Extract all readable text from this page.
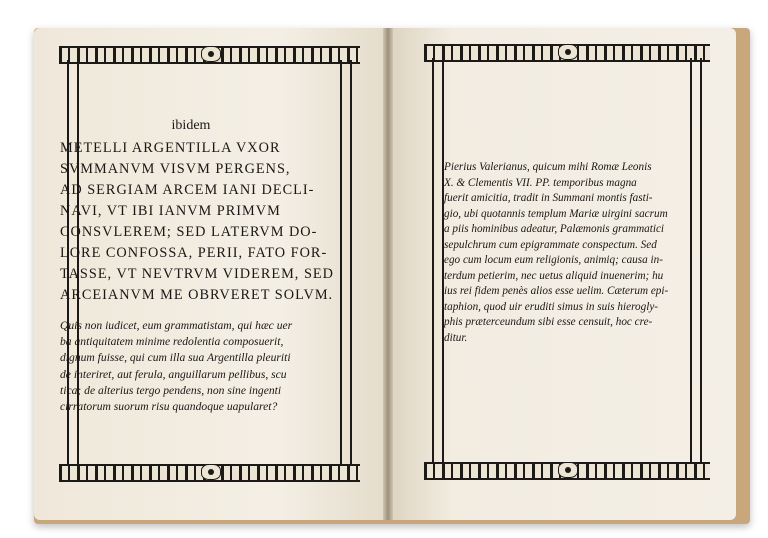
ibidem
METELLI ARGENTILLA VXOR
SVMMANVM VISVM PERGENS,
AD SERGIAM ARCEM IANI DECLI-
NAVI, VT IBI IANVM PRIMVM
CONSVLEREM; SED LATERVM DO-
LORE CONFOSSA, PERII, FATO FOR-
TASSE, VT NEVTRVM VIDEREM, SED
ARCEIANVM ME OBRVERET SOLVM.
Quis non iudicet, eum grammatistam, qui hæc uer
ba antiquitatem minime redolentia composuerit,
dignum fuisse, qui cum illa sua Argentilla pleuriti
de interiret, aut ferula, anguillarum pellibus, scu
tica; de alterius tergo pendens, non sine ingenti
cirratorum suorum risu quandoque uapularet?
Pierius Valerianus, quicum mihi Romæ Leonis
X. & Clementis VII. PP. temporibus magna
fuerit amicitia, tradit in Summani montis fasti-
gio, ubi quotannis templum Mariæ uirgini sacrum
a piis hominibus adeatur, Palæmonis grammatici
sepulchrum cum epigrammate conspectum. Sed
ego cum locum eum religionis, animiq; causa in-
terdum petierim, nec uetus aliquid inuenerim; hu
ius rei fidem penès alios esse uelim. Cæterum epi-
taphion, quod uir eruditi simus in suis hierogly-
phis præterceundum sibi esse censuit, hoc cre-
ditur.
